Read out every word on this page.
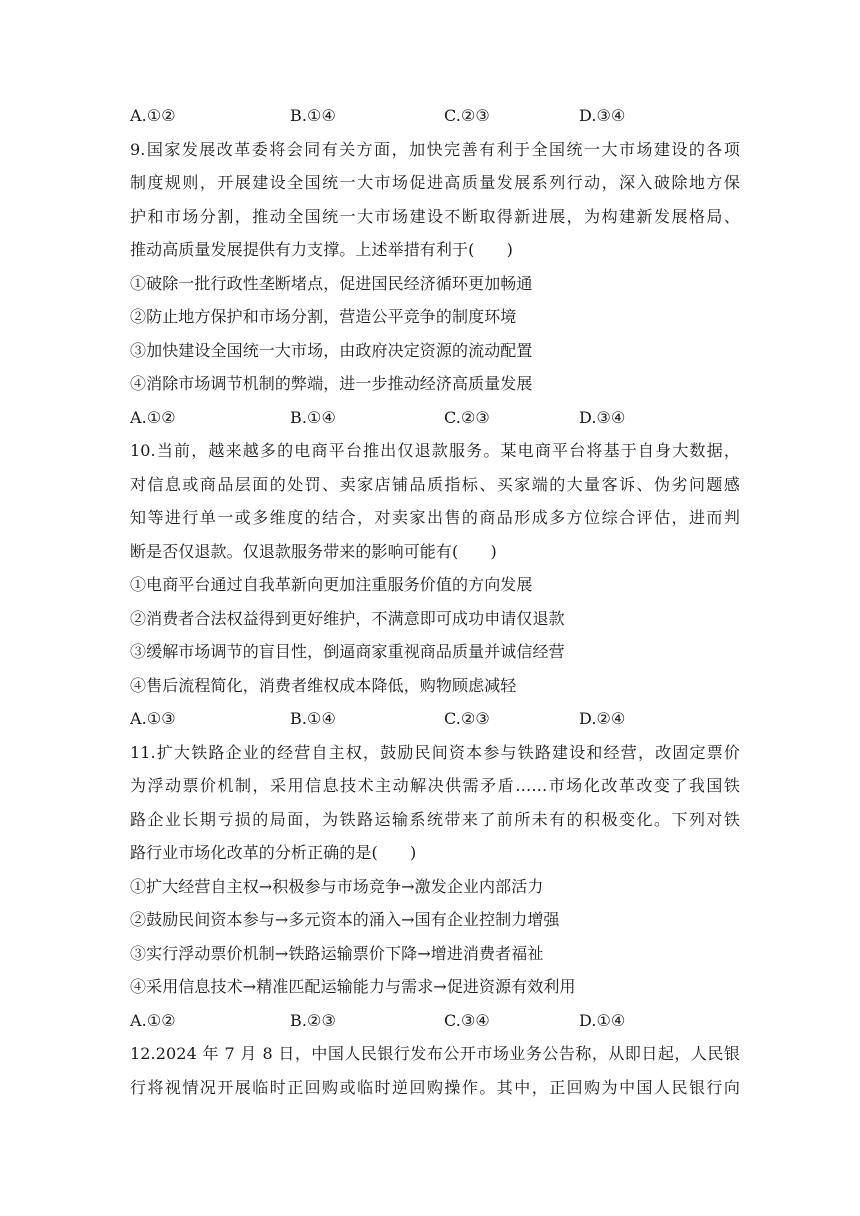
A.①②	B.①④	C.②③	D.③④
9.国家发展改革委将会同有关方面，加快完善有利于全国统一大市场建设的各项
制度规则，开展建设全国统一大市场促进高质量发展系列行动，深入破除地方保
护和市场分割，推动全国统一大市场建设不断取得新进展，为构建新发展格局、
推动高质量发展提供有力支撑。上述举措有利于(　　)
①破除一批行政性垄断堵点，促进国民经济循环更加畅通
②防止地方保护和市场分割，营造公平竞争的制度环境
③加快建设全国统一大市场，由政府决定资源的流动配置
④消除市场调节机制的弊端，进一步推动经济高质量发展
A.①②	B.①④	C.②③	D.③④
10.当前，越来越多的电商平台推出仅退款服务。某电商平台将基于自身大数据，
对信息或商品层面的处罚、卖家店铺品质指标、买家端的大量客诉、伪劣问题感
知等进行单一或多维度的结合，对卖家出售的商品形成多方位综合评估，进而判
断是否仅退款。仅退款服务带来的影响可能有(　　)
①电商平台通过自我革新向更加注重服务价值的方向发展
②消费者合法权益得到更好维护，不满意即可成功申请仅退款
③缓解市场调节的盲目性，倒逼商家重视商品质量并诚信经营
④售后流程简化，消费者维权成本降低，购物顾虑减轻
A.①③	B.①④	C.②③	D.②④
11.扩大铁路企业的经营自主权，鼓励民间资本参与铁路建设和经营，改固定票价
为浮动票价机制，采用信息技术主动解决供需矛盾……市场化改革改变了我国铁
路企业长期亏损的局面，为铁路运输系统带来了前所未有的积极变化。下列对铁
路行业市场化改革的分析正确的是(　　)
①扩大经营自主权→积极参与市场竞争→激发企业内部活力
②鼓励民间资本参与→多元资本的涌入→国有企业控制力增强
③实行浮动票价机制→铁路运输票价下降→增进消费者福祉
④采用信息技术→精准匹配运输能力与需求→促进资源有效利用
A.①②	B.②③	C.③④	D.①④
12.2024 年 7 月 8 日，中国人民银行发布公开市场业务公告称，从即日起，人民银
行将视情况开展临时正回购或临时逆回购操作。其中，正回购为中国人民银行向
